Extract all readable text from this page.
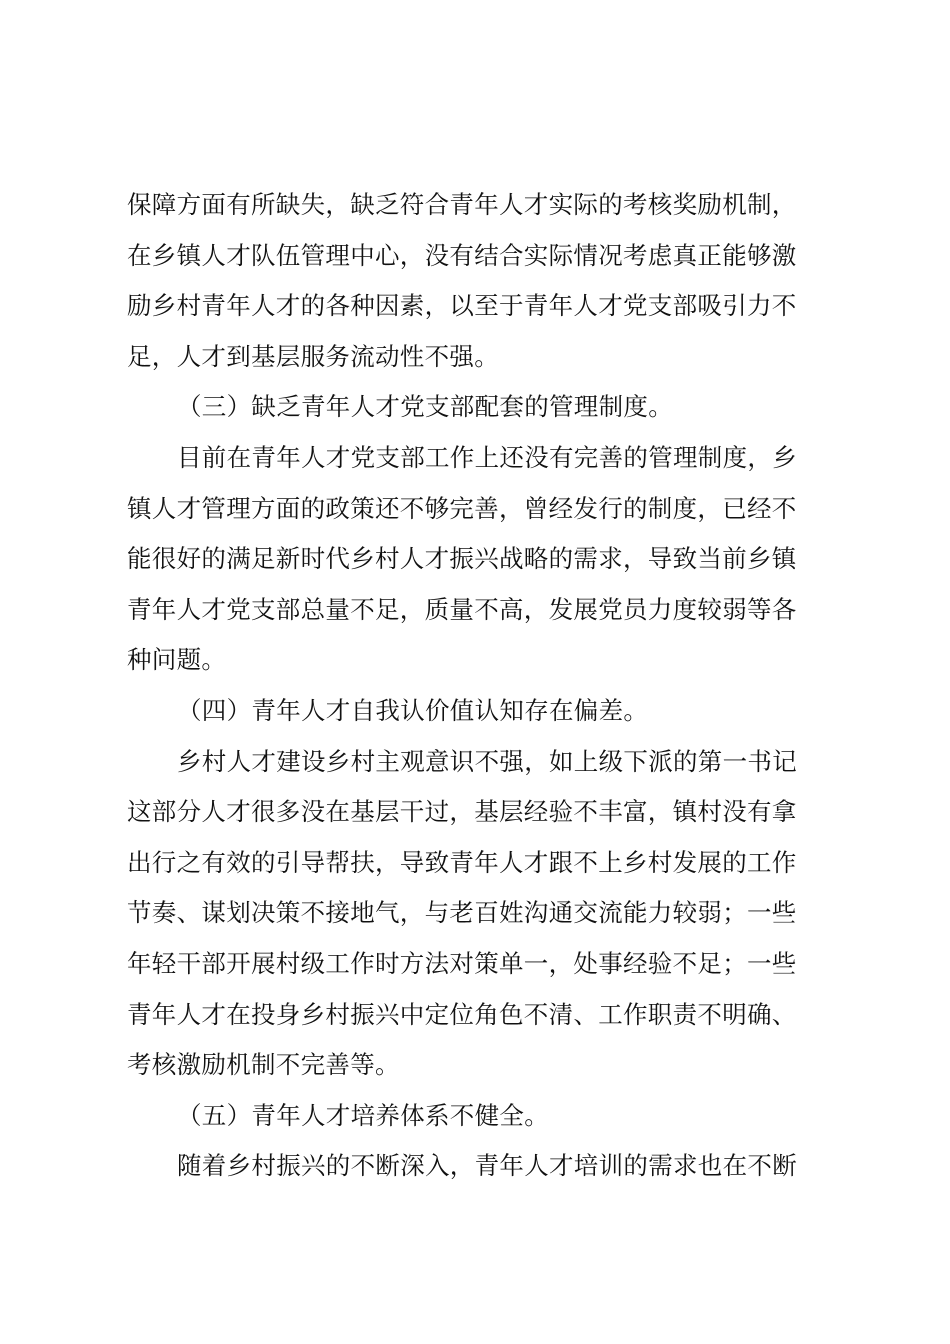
保障方面有所缺失，缺乏符合青年人才实际的考核奖励机制，
在乡镇人才队伍管理中心，没有结合实际情况考虑真正能够激
励乡村青年人才的各种因素，以至于青年人才党支部吸引力不
足，人才到基层服务流动性不强。
（三）缺乏青年人才党支部配套的管理制度。
目前在青年人才党支部工作上还没有完善的管理制度，乡
镇人才管理方面的政策还不够完善，曾经发行的制度，已经不
能很好的满足新时代乡村人才振兴战略的需求，导致当前乡镇
青年人才党支部总量不足，质量不高，发展党员力度较弱等各
种问题。
（四）青年人才自我认价值认知存在偏差。
乡村人才建设乡村主观意识不强，如上级下派的第一书记
这部分人才很多没在基层干过，基层经验不丰富，镇村没有拿
出行之有效的引导帮扶，导致青年人才跟不上乡村发展的工作
节奏、谋划决策不接地气，与老百姓沟通交流能力较弱；一些
年轻干部开展村级工作时方法对策单一，处事经验不足；一些
青年人才在投身乡村振兴中定位角色不清、工作职责不明确、
考核激励机制不完善等。
（五）青年人才培养体系不健全。
随着乡村振兴的不断深入，青年人才培训的需求也在不断
